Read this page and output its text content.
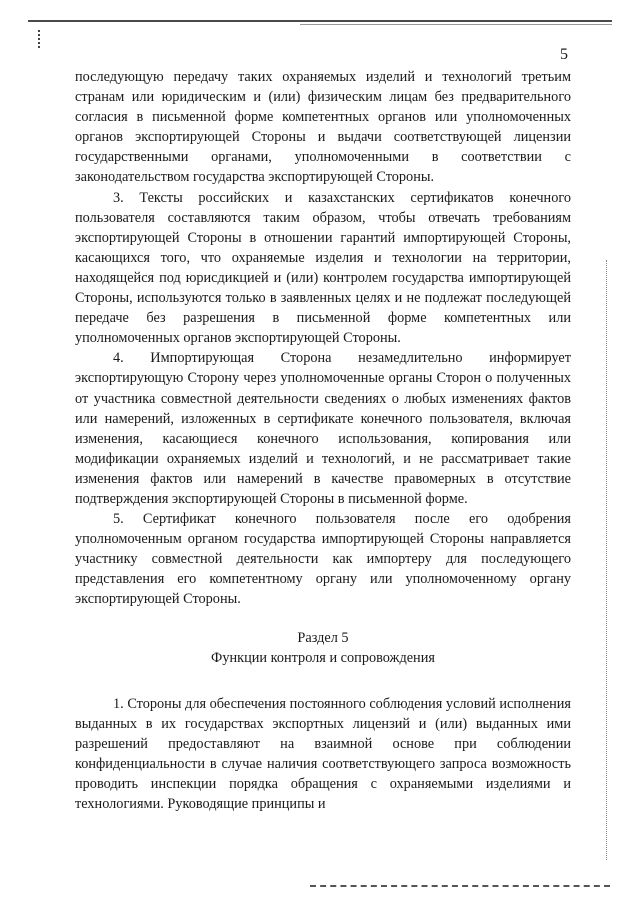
5

последующую передачу таких охраняемых изделий и технологий третьим странам или юридическим и (или) физическим лицам без предварительного согласия в письменной форме компетентных органов или уполномоченных органов экспортирующей Стороны и выдачи соответствующей лицензии государственными органами, уполномоченными в соответствии с законодательством государства экспортирующей Стороны.

3. Тексты российских и казахстанских сертификатов конечного пользователя составляются таким образом, чтобы отвечать требованиям экспортирующей Стороны в отношении гарантий импортирующей Стороны, касающихся того, что охраняемые изделия и технологии на территории, находящейся под юрисдикцией и (или) контролем государства импортирующей Стороны, используются только в заявленных целях и не подлежат последующей передаче без разрешения в письменной форме компетентных или уполномоченных органов экспортирующей Стороны.

4. Импортирующая Сторона незамедлительно информирует экспортирующую Сторону через уполномоченные органы Сторон о полученных от участника совместной деятельности сведениях о любых изменениях фактов или намерений, изложенных в сертификате конечного пользователя, включая изменения, касающиеся конечного использования, копирования или модификации охраняемых изделий и технологий, и не рассматривает такие изменения фактов или намерений в качестве правомерных в отсутствие подтверждения экспортирующей Стороны в письменной форме.

5. Сертификат конечного пользователя после его одобрения уполномоченным органом государства импортирующей Стороны направляется участнику совместной деятельности как импортеру для последующего представления его компетентному органу или уполномоченному органу экспортирующей Стороны.

Раздел 5
Функции контроля и сопровождения

1. Стороны для обеспечения постоянного соблюдения условий исполнения выданных в их государствах экспортных лицензий и (или) выданных ими разрешений предоставляют на взаимной основе при соблюдении конфиденциальности в случае наличия соответствующего запроса возможность проводить инспекции порядка обращения с охраняемыми изделиями и технологиями. Руководящие принципы и
